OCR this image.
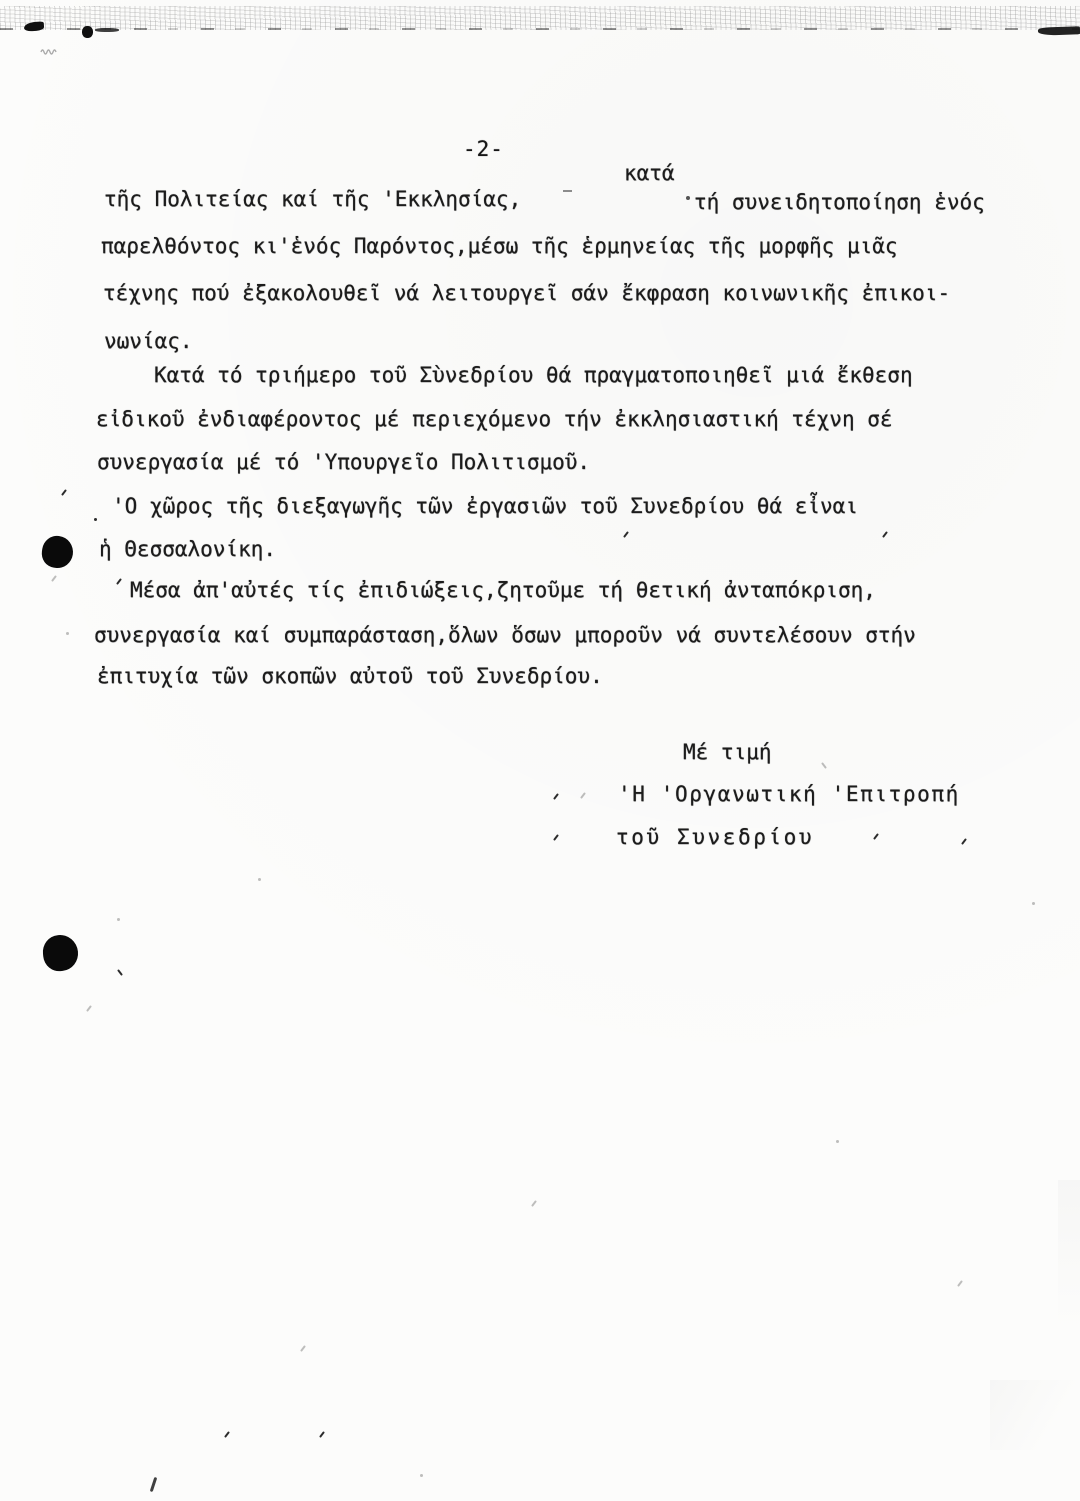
-2-
τῆς Πολιτείας καί τῆς 'Εκκλησίας,
κατά
τή συνειδητοποίηση ἑνός
παρελθόντος κι'ἑνός Παρόντος,μέσω τῆς ἑρμηνείας τῆς μορφῆς μιᾶς
τέχνης πού ἐξακολουθεῖ νά λειτουργεῖ σάν ἔκφραση κοινωνικῆς ἐπικοι-
νωνίας.
Κατά τό τριήμερο τοῦ Σὺνεδρίου θά πραγματοποιηθεῖ μιά ἔκθεση
εἰδικοῦ ἐνδιαφέροντος μέ περιεχόμενο τήν ἐκκλησιαστική τέχνη σέ
συνεργασία μέ τό 'Υπουργεῖο Πολιτισμοῦ.
'Ο χῶρος τῆς διεξαγωγῆς τῶν ἐργασιῶν τοῦ Συνεδρίου θά εἶναι
ἡ Θεσσαλονίκη.
Μέσα ἀπ'αὐτές τίς ἐπιδιώξεις,ζητοῦμε τή θετική ἀνταπόκριση,
συνεργασία καί συμπαράσταση,ὅλων ὅσων μποροῦν νά συντελέσουν στήν
ἐπιτυχία τῶν σκοπῶν αὐτοῦ τοῦ Συνεδρίου.
Μέ τιμή
'Η 'Οργανωτική 'Επιτροπή
τοῦ Συνεδρίου
